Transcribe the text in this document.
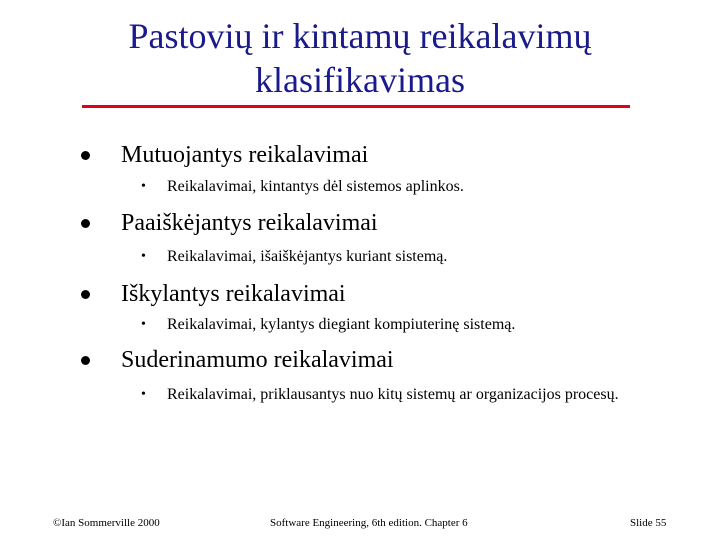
Pastovių ir kintamų reikalavimų
klasifikavimas
Mutuojantys reikalavimai
•	Reikalavimai, kintantys dėl sistemos aplinkos.
Paaiškėjantys reikalavimai
•	Reikalavimai, išaiškėjantys kuriant sistemą.
Iškylantys reikalavimai
•	Reikalavimai, kylantys diegiant kompiuterinę sistemą.
Suderinamumo reikalavimai
•	Reikalavimai, priklausantys nuo kitų sistemų ar organizacijos procesų.
©Ian Sommerville 2000	Software Engineering, 6th edition. Chapter 6	Slide 55
